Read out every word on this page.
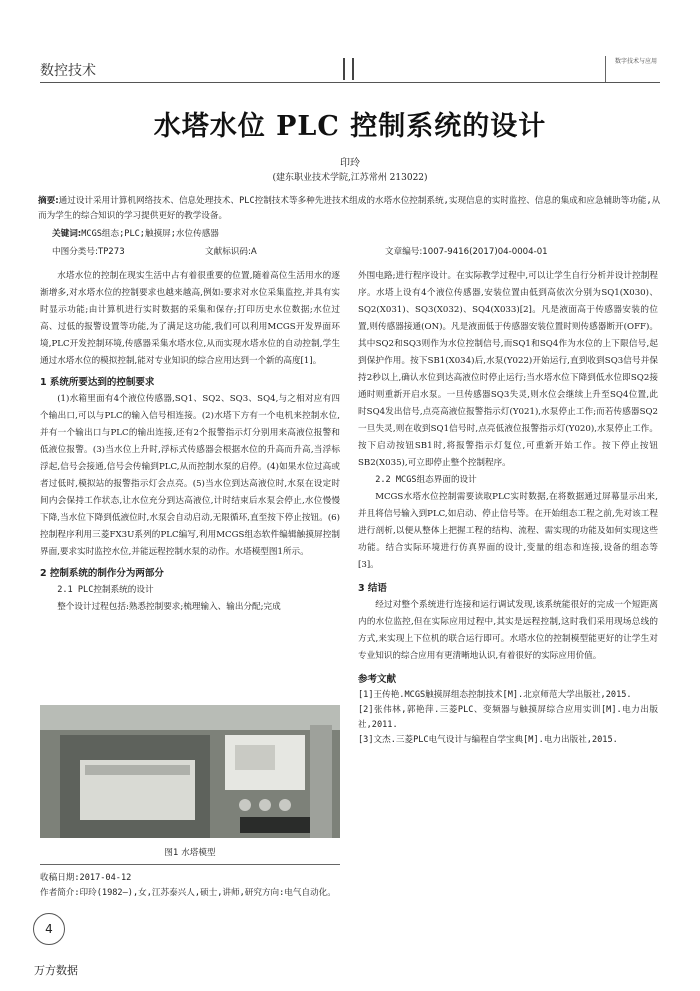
数控技术
数字技术与应用
水塔水位 PLC 控制系统的设计
印玲
(建东职业技术学院,江苏常州 213022)
摘要:通过设计采用计算机网络技术、信息处理技术、PLC控制技术等多种先进技术组成的水塔水位控制系统,实现信息的实时监控、信息的集成和应急辅助等功能,从而为学生的综合知识的学习提供更好的教学设备。
关键词:MCGS组态;PLC;触摸屏;水位传感器
中图分类号:TP273	文献标识码:A	文章编号:1007-9416(2017)04-0004-01

水塔水位的控制在现实生活中占有着很重要的位置,随着高位生活用水的逐渐增多,对水塔水位的控制要求也越来越高,例如:要求对水位采集监控,并具有实时显示功能;由计算机进行实时数据的采集和保存;打印历史水位数据;水位过高、过低的报警设置等功能,为了满足这功能,我们可以利用MCGS开发界面环境,PLC开发控制环境,传感器采集水塔水位,从而实现水塔水位的自动控制,学生通过水塔水位的模拟控制,能对专业知识的综合应用达到一个新的高度[1]。

1 系统所要达到的控制要求

(1)水箱里面有4个液位传感器,SQ1、SQ2、SQ3、SQ4,与之相对应有四个输出口,可以与PLC的输入信号相连接。(2)水塔下方有一个电机来控制水位,并有一个输出口与PLC的输出连接,还有2个报警指示灯分别用来高液位报警和低液位报警。(3)当水位上升时,浮标式传感器会根据水位的升高而升高,当浮标浮起,信号会接通,信号会传输到PLC,从而控制水泵的启停。(4)如果水位过高或者过低时,模拟站的报警指示灯会点亮。(5)当水位到达高液位时,水泵在设定时间内会保持工作状态,让水位充分到达高液位,计时结束后水泵会停止,水位慢慢下降,当水位下降到低液位时,水泵会自动启动,无限循环,直至按下停止按钮。(6)控制程序利用三菱FX3U系列的PLC编写,利用MCGS组态软件编辑触摸屏控制界面,要求实时监控水位,并能远程控制水泵的动作。水塔模型图1所示。

2 控制系统的制作分为两部分
2.1 PLC控制系统的设计

整个设计过程包括:熟悉控制要求;梳理输入、输出分配;完成

外围电路;进行程序设计。在实际教学过程中,可以让学生自行分析并设计控制程序。水塔上设有4个液位传感器,安装位置由低到高依次分别为SQ1(X030)、SQ2(X031)、SQ3(X032)、SQ4(X033)[2]。凡是液面高于传感器安装的位置,则传感器接通(ON)。凡是液面低于传感器安装位置时则传感器断开(OFF)。其中SQ2和SQ3则作为水位控制信号,而SQ1和SQ4作为水位的上下限信号,起到保护作用。按下SB1(X034)后,水泵(Y022)开始运行,直到收到SQ3信号并保持2秒以上,确认水位到达高液位时停止运行;当水塔水位下降到低水位即SQ2接通时则重新开启水泵。一旦传感器SQ3失灵,则水位会继续上升至SQ4位置,此时SQ4发出信号,点亮高液位报警指示灯(Y021),水泵停止工作;而若传感器SQ2一旦失灵,则在收到SQ1信号时,点亮低液位报警指示灯(Y020),水泵停止工作。按下启动按钮SB1时,将报警指示灯复位,可重新开始工作。按下停止按钮SB2(X035),可立即停止整个控制程序。

2.2 MCGS组态界面的设计

MCGS水塔水位控制需要读取PLC实时数据,在将数据通过屏幕显示出来,并且将信号输入到PLC,如启动、停止信号等。在开始组态工程之前,先对该工程进行剖析,以便从整体上把握工程的结构、流程、需实现的功能及如何实现这些功能。结合实际环境进行仿真界面的设计,变量的组态和连接,设备的组态等[3]。

3 结语

经过对整个系统进行连接和运行调试发现,该系统能很好的完成一个短距离内的水位监控,但在实际应用过程中,其实是远程控制,这时我们采用现场总线的方式,来实现上下位机的联合运行即可。水塔水位的控制模型能更好的让学生对专业知识的综合应用有更清晰地认识,有着很好的实际应用价值。

参考文献
[1]王传艳.MCGS触摸屏组态控制技术[M].北京师范大学出版社,2015.
[2]张伟林,郭艳萍.三菱PLC、变频器与触摸屏综合应用实训[M].电力出版社,2011.
[3]文杰.三菱PLC电气设计与编程自学宝典[M].电力出版社,2015.
图1 水塔模型
收稿日期:2017-04-12
作者简介:印玲(1982—),女,江苏泰兴人,硕士,讲师,研究方向:电气自动化。
4
万方数据
